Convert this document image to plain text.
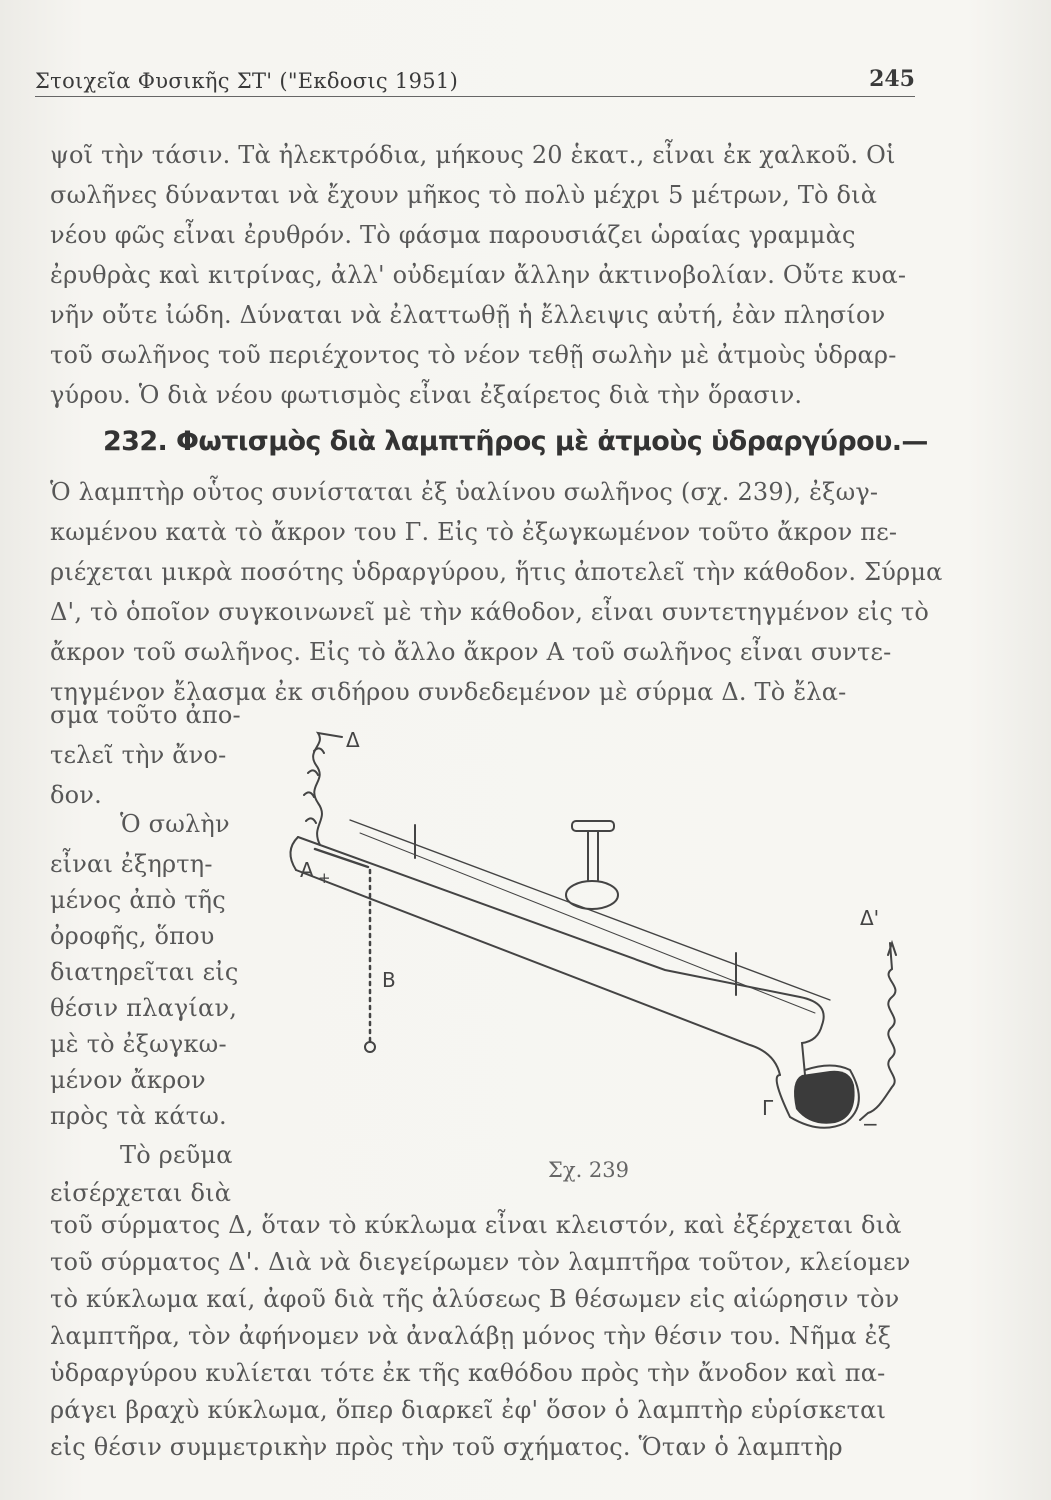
Στοιχεῖα Φυσικῆς ΣΤ' ("Εκδοσις 1951)	245
ψοῖ τὴν τάσιν. Τὰ ἠλεκτρόδια, μήκους 20 ἑκατ., εἶναι ἐκ χαλκοῦ. Οἱ
σωλῆνες δύνανται νὰ ἔχουν μῆκος τὸ πολὺ μέχρι 5 μέτρων, Τὸ διὰ
νέου φῶς εἶναι ἐρυθρόν. Τὸ φάσμα παρουσιάζει ὡραίας γραμμὰς
ἐρυθρὰς καὶ κιτρίνας, ἀλλ' οὐδεμίαν ἄλλην ἀκτινοβολίαν. Οὔτε κυα-
νῆν οὔτε ἰώδη. Δύναται νὰ ἐλαττωθῇ ἡ ἔλλειψις αὐτή, ἐὰν πλησίον
τοῦ σωλῆνος τοῦ περιέχοντος τὸ νέον τεθῇ σωλὴν μὲ ἀτμοὺς ὑδραρ-
γύρου. Ὁ διὰ νέου φωτισμὸς εἶναι ἐξαίρετος διὰ τὴν ὅρασιν.
232. Φωτισμὸς διὰ λαμπτῆρος μὲ ἀτμοὺς ὑδραργύρου.—
Ὁ λαμπτὴρ οὗτος συνίσταται ἐξ ὑαλίνου σωλῆνος (σχ. 239), ἐξωγ-
κωμένου κατὰ τὸ ἄκρον του Γ. Εἰς τὸ ἐξωγκωμένον τοῦτο ἄκρον πε-
ριέχεται μικρὰ ποσότης ὑδραργύρου, ἥτις ἀποτελεῖ τὴν κάθοδον. Σύρμα
Δ', τὸ ὁποῖον συγκοινωνεῖ μὲ τὴν κάθοδον, εἶναι συντετηγμένον εἰς τὸ
ἄκρον τοῦ σωλῆνος. Εἰς τὸ ἄλλο ἄκρον Α τοῦ σωλῆνος εἶναι συντε-
τηγμένον ἔλασμα ἐκ σιδήρου συνδεδεμένον μὲ σύρμα Δ. Τὸ ἔλα-
σμα τοῦτο ἀπο-
τελεῖ τὴν ἄνο-
δον.
Ὁ σωλὴν
εἶναι ἐξηρτη-
μένος ἀπὸ τῆς
ὀροφῆς, ὅπου
διατηρεῖται εἰς
θέσιν πλαγίαν,
μὲ τὸ ἐξωγκω-
μένον ἄκρον
πρὸς τὰ κάτω.
Τὸ ρεῦμα
εἰσέρχεται διὰ
Δ
Α +
Β
Δ'
Γ
−
Σχ. 239
τοῦ σύρματος Δ, ὅταν τὸ κύκλωμα εἶναι κλειστόν, καὶ ἐξέρχεται διὰ
τοῦ σύρματος Δ'. Διὰ νὰ διεγείρωμεν τὸν λαμπτῆρα τοῦτον, κλείομεν
τὸ κύκλωμα καί, ἀφοῦ διὰ τῆς ἀλύσεως Β θέσωμεν εἰς αἰώρησιν τὸν
λαμπτῆρα, τὸν ἀφήνομεν νὰ ἀναλάβῃ μόνος τὴν θέσιν του. Νῆμα ἐξ
ὑδραργύρου κυλίεται τότε ἐκ τῆς καθόδου πρὸς τὴν ἄνοδον καὶ πα-
ράγει βραχὺ κύκλωμα, ὅπερ διαρκεῖ ἐφ' ὅσον ὁ λαμπτὴρ εὑρίσκεται
εἰς θέσιν συμμετρικὴν πρὸς τὴν τοῦ σχήματος. Ὅταν ὁ λαμπτὴρ
